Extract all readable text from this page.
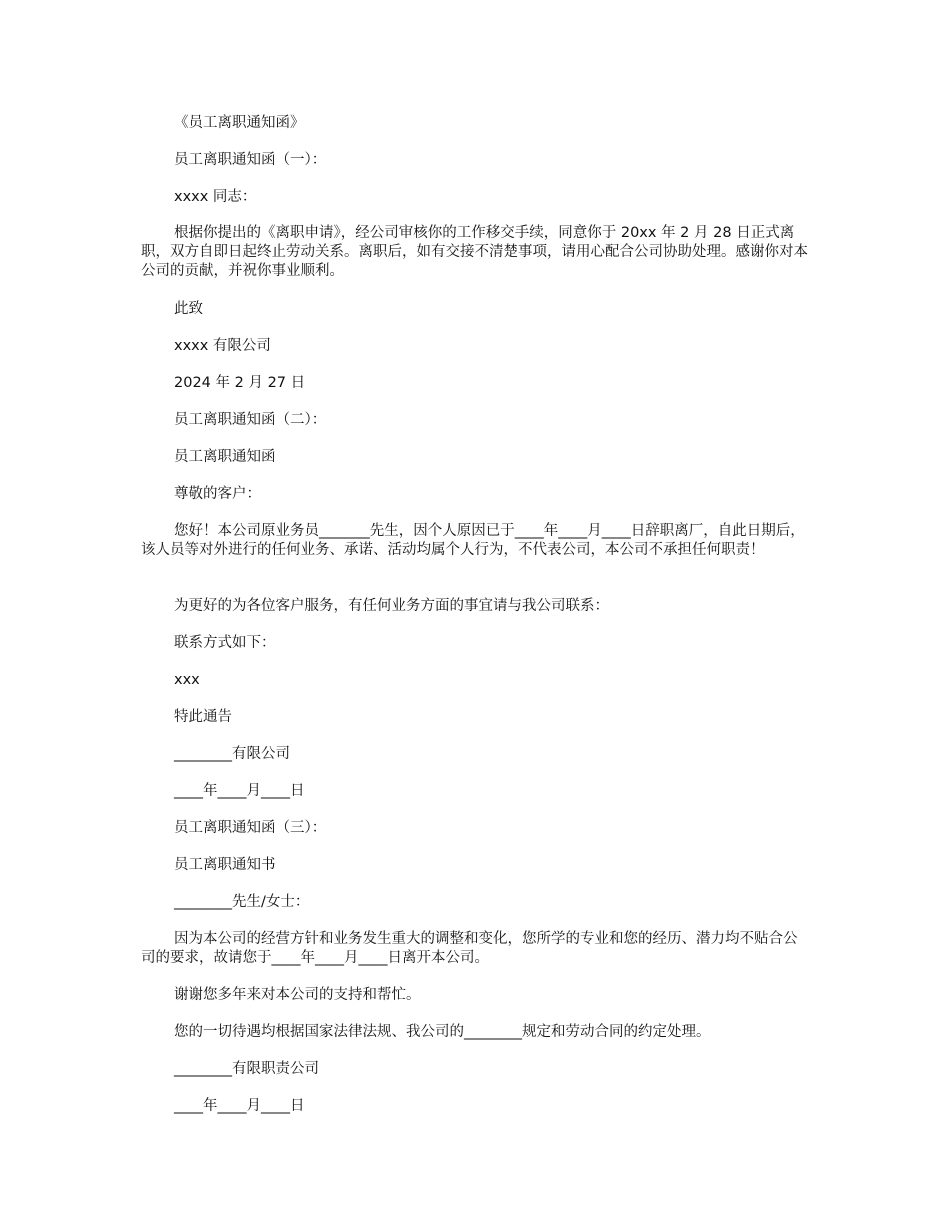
《员工离职通知函》

员工离职通知函（一）：

xxxx 同志：

根据你提出的《离职申请》，经公司审核你的工作移交手续，同意你于 20xx 年 2 月 28 日正式离职，双方自即日起终止劳动关系。离职后，如有交接不清楚事项，请用心配合公司协助处理。感谢你对本公司的贡献，并祝你事业顺利。

此致

xxxx 有限公司

2024 年 2 月 27 日

员工离职通知函（二）：

员工离职通知函

尊敬的客户：

您好！本公司原业务员_______先生，因个人原因已于____年____月____日辞职离厂，自此日期后，该人员等对外进行的任何业务、承诺、活动均属个人行为，不代表公司，本公司不承担任何职责！

为更好的为各位客户服务，有任何业务方面的事宜请与我公司联系：

联系方式如下：

xxx

特此通告

________有限公司

____年____月____日

员工离职通知函（三）：

员工离职通知书

________先生/女士：

因为本公司的经营方针和业务发生重大的调整和变化，您所学的专业和您的经历、潜力均不贴合公司的要求，故请您于____年____月____日离开本公司。

谢谢您多年来对本公司的支持和帮忙。

您的一切待遇均根据国家法律法规、我公司的________规定和劳动合同的约定处理。

________有限职责公司

____年____月____日
